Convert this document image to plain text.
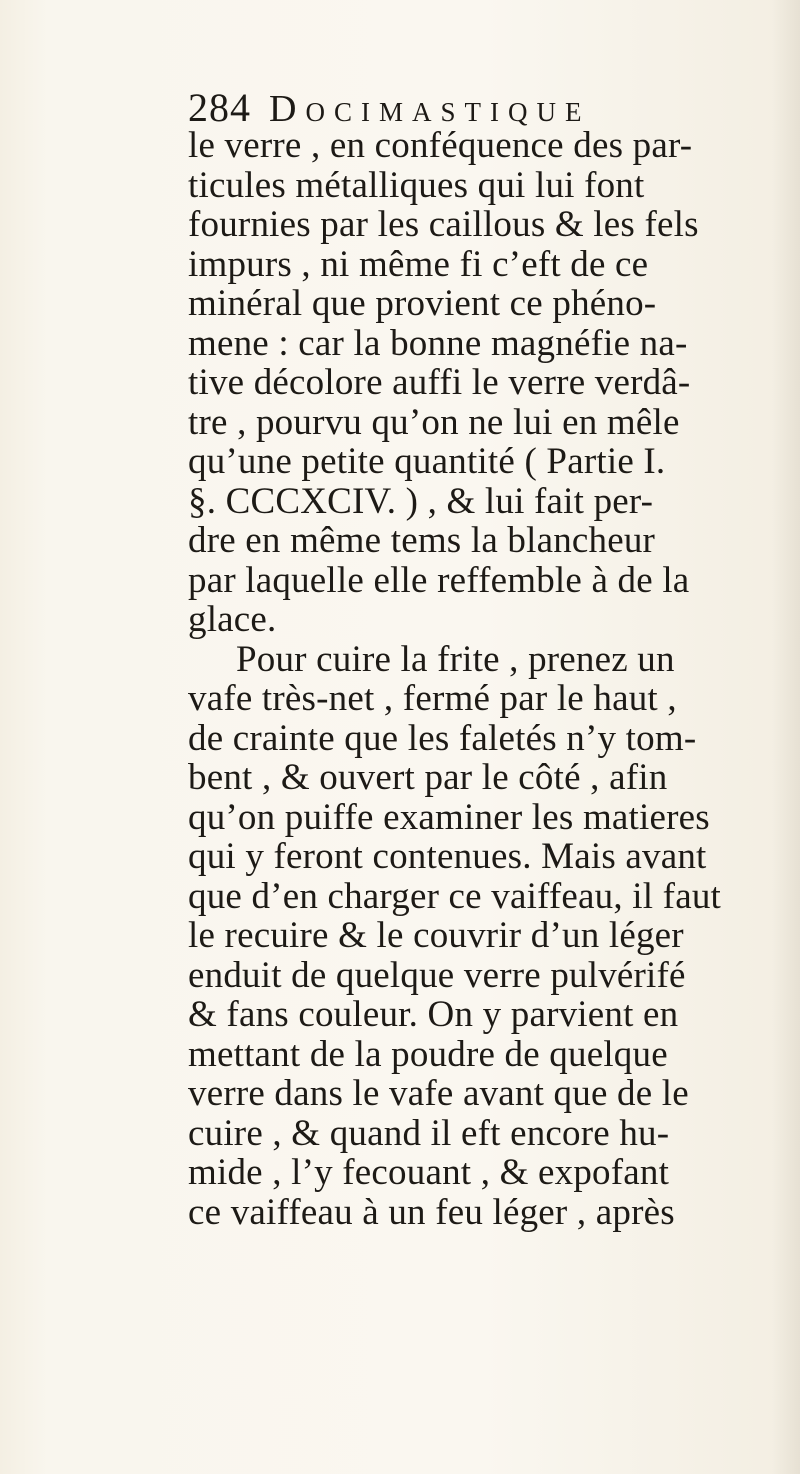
284 Docimastique
le verre , en conféquence des par-
ticules métalliques qui lui font
fournies par les caillous & les fels
impurs , ni même fi c’eft de ce
minéral que provient ce phéno-
mene : car la bonne magnéfie na-
tive décolore auffi le verre verdâ-
tre , pourvu qu’on ne lui en mêle
qu’une petite quantité ( Partie I.
§. CCCXCIV. ) , & lui fait per-
dre en même tems la blancheur
par laquelle elle reffemble à de la
glace.
Pour cuire la frite , prenez un
vafe très-net , fermé par le haut ,
de crainte que les faletés n’y tom-
bent , & ouvert par le côté , afin
qu’on puiffe examiner les matieres
qui y feront contenues. Mais avant
que d’en charger ce vaiffeau, il faut
le recuire & le couvrir d’un léger
enduit de quelque verre pulvérifé
& fans couleur. On y parvient en
mettant de la poudre de quelque
verre dans le vafe avant que de le
cuire , & quand il eft encore hu-
mide , l’y fecouant , & expofant
ce vaiffeau à un feu léger , après
